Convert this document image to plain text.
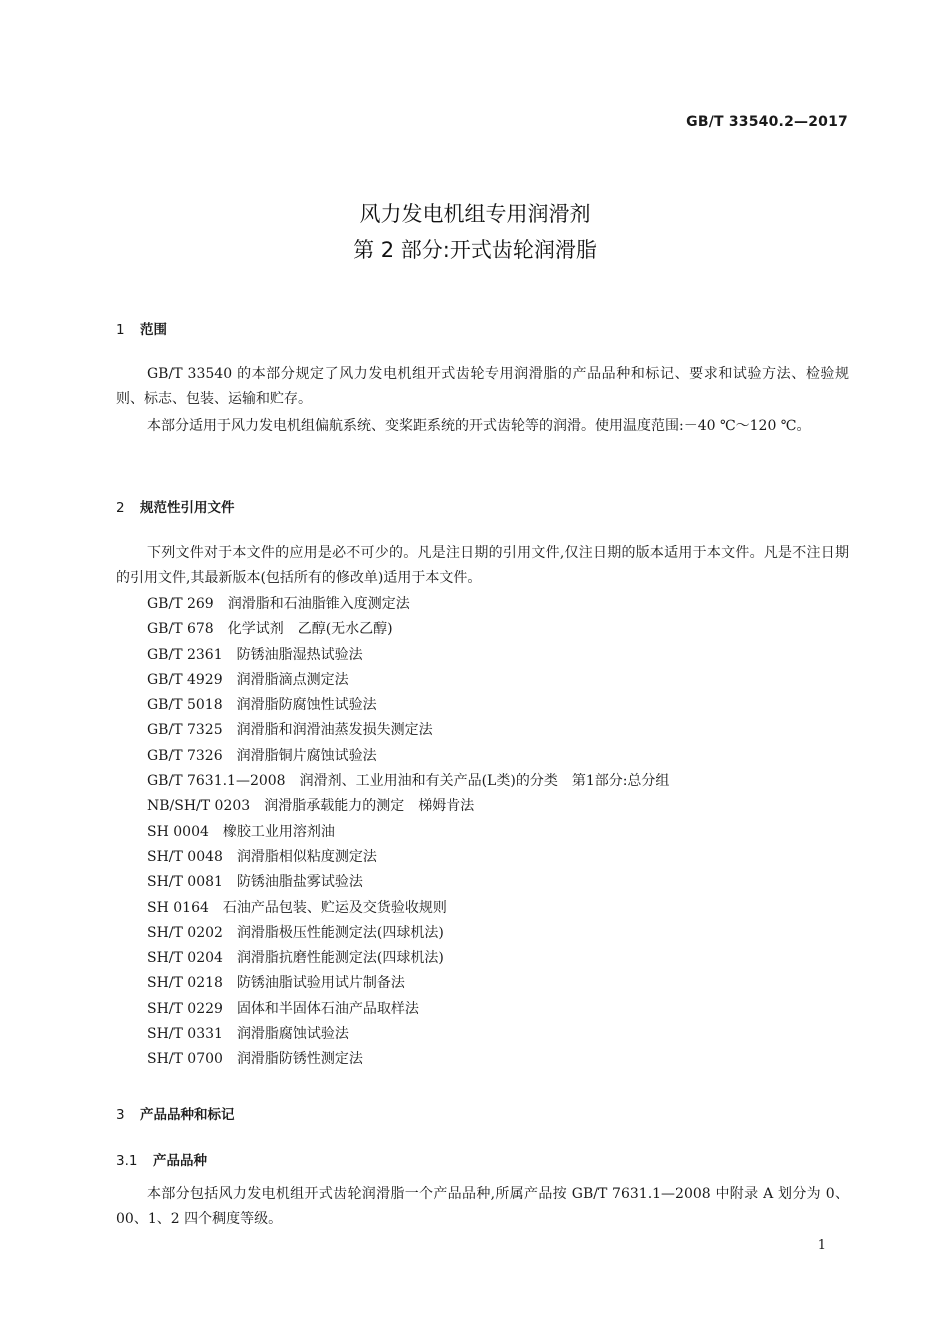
GB/T 33540.2—2017
风力发电机组专用润滑剂
第 2 部分:开式齿轮润滑脂
1 范围
GB/T 33540 的本部分规定了风力发电机组开式齿轮专用润滑脂的产品品种和标记、要求和试验方法、检验规则、标志、包装、运输和贮存。
本部分适用于风力发电机组偏航系统、变桨距系统的开式齿轮等的润滑。使用温度范围:－40 ℃～120 ℃。
2 规范性引用文件
下列文件对于本文件的应用是必不可少的。凡是注日期的引用文件,仅注日期的版本适用于本文件。凡是不注日期的引用文件,其最新版本(包括所有的修改单)适用于本文件。
GB/T 269 润滑脂和石油脂锥入度测定法
GB/T 678 化学试剂　乙醇(无水乙醇)
GB/T 2361 防锈油脂湿热试验法
GB/T 4929 润滑脂滴点测定法
GB/T 5018 润滑脂防腐蚀性试验法
GB/T 7325 润滑脂和润滑油蒸发损失测定法
GB/T 7326 润滑脂铜片腐蚀试验法
GB/T 7631.1—2008 润滑剂、工业用油和有关产品(L类)的分类　第1部分:总分组
NB/SH/T 0203 润滑脂承载能力的测定　梯姆肯法
SH 0004 橡胶工业用溶剂油
SH/T 0048 润滑脂相似粘度测定法
SH/T 0081 防锈油脂盐雾试验法
SH 0164 石油产品包装、贮运及交货验收规则
SH/T 0202 润滑脂极压性能测定法(四球机法)
SH/T 0204 润滑脂抗磨性能测定法(四球机法)
SH/T 0218 防锈油脂试验用试片制备法
SH/T 0229 固体和半固体石油产品取样法
SH/T 0331 润滑脂腐蚀试验法
SH/T 0700 润滑脂防锈性测定法
3 产品品种和标记
3.1 产品品种
本部分包括风力发电机组开式齿轮润滑脂一个产品品种,所属产品按 GB/T 7631.1—2008 中附录 A 划分为 0、00、1、2 四个稠度等级。
1
